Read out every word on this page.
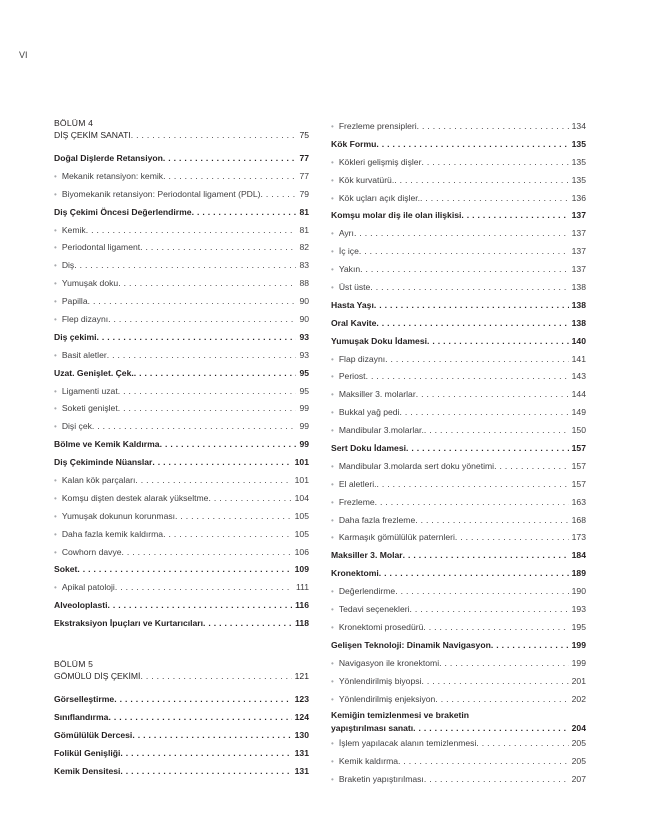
VI
BÖLÜM 4
DİŞ ÇEKİM SANATI . . .	75
Doğal Dişlerde Retansiyon . . .	77
• Mekanik retansiyon: kemik . . .	77
• Biyomekanik retansiyon: Periodontal ligament (PDL) . . .	79
Diş Çekimi Öncesi Değerlendirme . . .	81
• Kemik . . .	81
• Periodontal ligament . . .	82
• Diş . . .	83
• Yumuşak doku . . .	88
• Papilla . . .	90
• Flep dizaynı . . .	90
Diş çekimi . . .	93
• Basit aletler . . .	93
Uzat. Genişlet. Çek. . . .	95
• Ligamenti uzat . . .	95
• Soketi genişlet . . .	99
• Dişi çek . . .	99
Bölme ve Kemik Kaldırma . . .	99
Diş Çekiminde Nüanslar . . .	101
• Kalan kök parçaları . . .	101
• Komşu dişten destek alarak yükseltme . . .	104
• Yumuşak dokunun korunması . . .	105
• Daha fazla kemik kaldırma . . .	105
• Cowhorn davye . . .	106
Soket . . .	109
• Apikal patoloji . . .	111
Alveoloplasti . . .	116
Ekstraksiyon İpuçları ve Kurtarıcıları . . .	118
BÖLÜM 5
GÖMÜLÜ DİŞ ÇEKİMİ . . .	121
Görselleştirme . . .	123
Sınıflandırma . . .	124
Gömülülük Dercesi . . .	130
Folikül Genişliği . . .	131
Kemik Densitesi . . .	131
• Frezleme prensipleri . . .	134
Kök Formu . . .	135
• Kökleri gelişmiş dişler . . .	135
• Kök kurvatürü. . . .	135
• Kök uçları açık dişler. . . .	136
Komşu molar diş ile olan ilişkisi . . .	137
• Ayrı . . .	137
• İç içe . . .	137
• Yakın . . .	137
• Üst üste . . .	138
Hasta Yaşı . . .	138
Oral Kavite . . .	138
Yumuşak Doku İdamesi . . .	140
• Flap dizaynı . . .	141
• Periost . . .	143
• Maksiller 3. molarlar . . .	144
• Bukkal yağ pedi . . .	149
• Mandibular 3.molarlar. . . .	150
Sert Doku İdamesi . . .	157
• Mandibular 3.molarda sert doku yönetimi . . .	157
• El aletleri. . . .	157
• Frezleme . . .	163
• Daha fazla frezleme . . .	168
• Karmaşık gömülülük paternleri . . .	173
Maksiller 3. Molar . . .	184
Kronektomi . . .	189
• Değerlendirme . . .	190
• Tedavi seçenekleri . . .	193
• Kronektomi prosedürü . . .	195
Gelişen Teknoloji: Dinamik Navigasyon . . .	199
• Navigasyon ile kronektomi . . .	199
• Yönlendirilmiş biyopsi . . .	201
• Yönlendirilmiş enjeksiyon . . .	202
Kemiğin temizlenmesi ve braketin
yapıştırılması sanatı . . .	204
• İşlem yapılacak alanın temizlenmesi . . .	205
• Kemik kaldırma . . .	205
• Braketin yapıştırılması . . .	207
